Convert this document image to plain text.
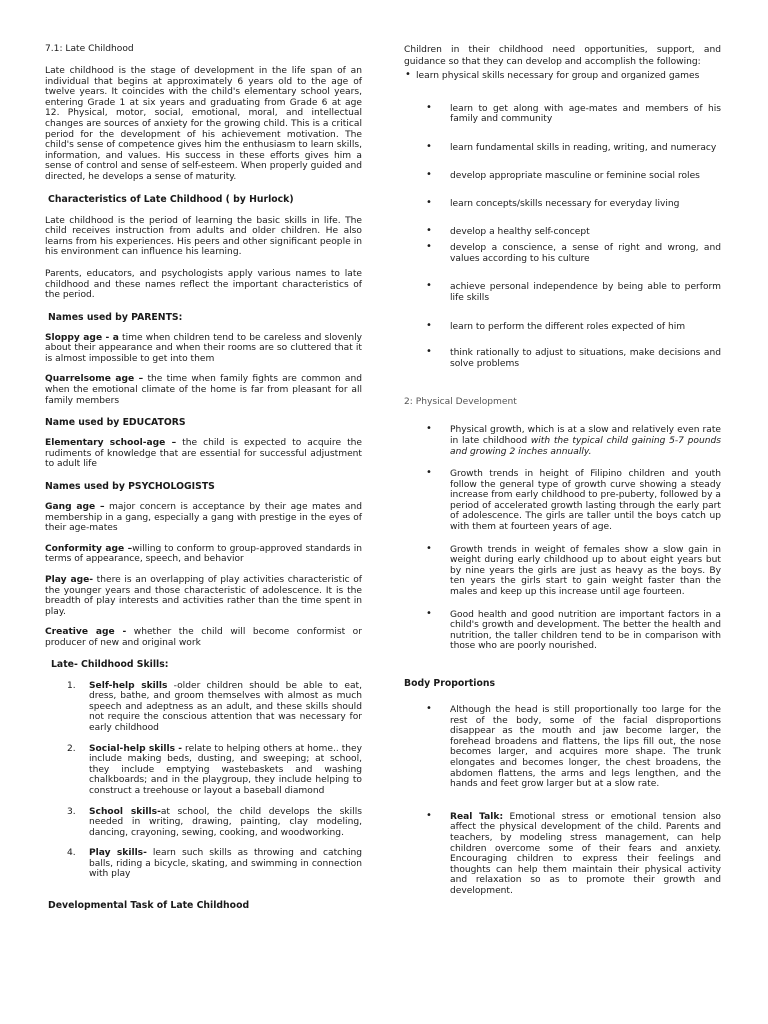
7.1: Late Childhood

Late childhood is the stage of development in the life span of an individual that begins at approximately 6 years old to the age of twelve years. It coincides with the child's elementary school years, entering Grade 1 at six years and graduating from Grade 6 at age 12. Physical, motor, social, emotional, moral, and intellectual changes are sources of anxiety for the growing child. This is a critical period for the development of his achievement motivation. The child's sense of competence gives him the enthusiasm to learn skills, information, and values. His success in these efforts gives him a sense of control and sense of self-esteem. When properly guided and directed, he develops a sense of maturity.

Characteristics of Late Childhood ( by Hurlock)

Late childhood is the period of learning the basic skills in life. The child receives instruction from adults and older children. He also learns from his experiences. His peers and other significant people in his environment can influence his learning.

Parents, educators, and psychologists apply various names to late childhood and these names reflect the important characteristics of the period.

Names used by PARENTS:

Sloppy age - a time when children tend to be careless and slovenly about their appearance and when their rooms are so cluttered that it is almost impossible to get into them

Quarrelsome age – the time when family fights are common and when the emotional climate of the home is far from pleasant for all family members

Name used by EDUCATORS

Elementary school-age – the child is expected to acquire the rudiments of knowledge that are essential for successful adjustment to adult life

Names used by PSYCHOLOGISTS

Gang age – major concern is acceptance by their age mates and membership in a gang, especially a gang with prestige in the eyes of their age-mates

Conformity age –willing to conform to group-approved standards in terms of appearance, speech, and behavior

Play age- there is an overlapping of play activities characteristic of the younger years and those characteristic of adolescence. It is the breadth of play interests and activities rather than the time spent in play.

Creative age - whether the child will become conformist or producer of new and original work

Late- Childhood Skills:

1. Self-help skills -older children should be able to eat, dress, bathe, and groom themselves with almost as much speech and adeptness as an adult, and these skills should not require the conscious attention that was necessary for early childhood

2. Social-help skills - relate to helping others at home.. they include making beds, dusting, and sweeping; at school, they include emptying wastebaskets and washing chalkboards; and in the playgroup, they include helping to construct a treehouse or layout a baseball diamond

3. School skills-at school, the child develops the skills needed in writing, drawing, painting, clay modeling, dancing, crayoning, sewing, cooking, and woodworking.

4. Play skills- learn such skills as throwing and catching balls, riding a bicycle, skating, and swimming in connection with play

Developmental Task of Late Childhood

Children in their childhood need opportunities, support, and guidance so that they can develop and accomplish the following:

• learn physical skills necessary for group and organized games

• learn to get along with age-mates and members of his family and community

• learn fundamental skills in reading, writing, and numeracy

• develop appropriate masculine or feminine social roles

• learn concepts/skills necessary for everyday living

• develop a healthy self-concept

• develop a conscience, a sense of right and wrong, and values according to his culture

• achieve personal independence by being able to perform life skills

• learn to perform the different roles expected of him

• think rationally to adjust to situations, make decisions and solve problems

2: Physical Development

• Physical growth, which is at a slow and relatively even rate in late childhood with the typical child gaining 5-7 pounds and growing 2 inches annually.

• Growth trends in height of Filipino children and youth follow the general type of growth curve showing a steady increase from early childhood to pre-puberty, followed by a period of accelerated growth lasting through the early part of adolescence. The girls are taller until the boys catch up with them at fourteen years of age.

• Growth trends in weight of females show a slow gain in weight during early childhood up to about eight years but by nine years the girls are just as heavy as the boys. By ten years the girls start to gain weight faster than the males and keep up this increase until age fourteen.

• Good health and good nutrition are important factors in a child's growth and development. The better the health and nutrition, the taller children tend to be in comparison with those who are poorly nourished.

Body Proportions

• Although the head is still proportionally too large for the rest of the body, some of the facial disproportions disappear as the mouth and jaw become larger, the forehead broadens and flattens, the lips fill out, the nose becomes larger, and acquires more shape. The trunk elongates and becomes longer, the chest broadens, the abdomen flattens, the arms and legs lengthen, and the hands and feet grow larger but at a slow rate.

• Real Talk: Emotional stress or emotional tension also affect the physical development of the child. Parents and teachers, by modeling stress management, can help children overcome some of their fears and anxiety. Encouraging children to express their feelings and thoughts can help them maintain their physical activity and relaxation so as to promote their growth and development.
